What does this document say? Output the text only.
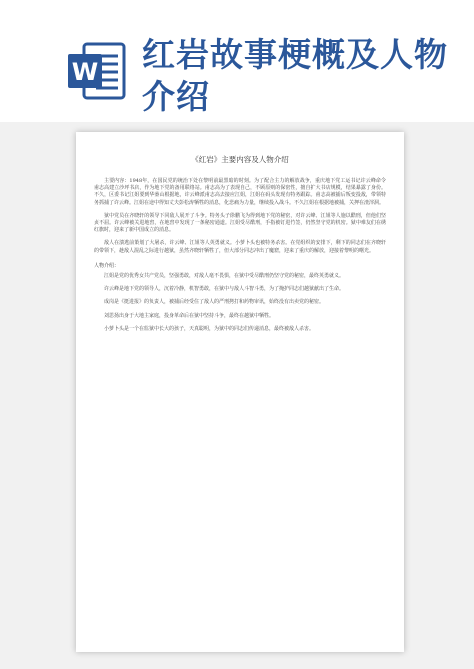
W 红岩故事梗概及人物介绍
《红岩》主要内容及人物介绍

主要内容：1948年，在国民党的统治下处在黎明前最黑暗的时刻。为了配合主力的解放战争，重庆地下党工运书记许云峰命令甫志高建立沙坪书店，作为地下党的备用联络站。甫志高为了表现自己，不顾原则的保密性，擅自扩大书店规模，结果暴露了身份。不久，区委书记江姐要到华蓥山根据地，许云峰派甫志高去接应江姐，江姐在码头发现有特务跟踪。甫志高被捕后叛变投敌，带领特务抓捕了许云峰。江姐在途中得知丈夫彭松涛牺牲的消息，化悲痛为力量，继续投入战斗。不久江姐在根据地被捕，关押在渣滓洞。

狱中党员在齐晓轩的领导下同敌人展开了斗争。特务头子徐鹏飞为得到地下党的秘密，对许云峰、江姐等人施以酷刑，但他们坚贞不屈。许云峰被关进地窖，在地窖中发现了一条秘密通道。江姐受尽酷刑，手指被钉进竹签，仍然坚守党的机密。狱中难友们在绣红旗时，迎来了新中国成立的消息。

敌人在溃逃前策划了大屠杀，许云峰、江姐等人英勇就义。小萝卜头也被特务杀害。在党组织的安排下，剩下的同志们在齐晓轩的带领下，趁敌人混乱之际进行越狱，虽然齐晓轩牺牲了，但大部分同志冲出了魔窟，迎来了重庆的解放，迎接着黎明的曙光。

人物介绍：

江姐是党的优秀女共产党员，坚强勇敢，对敌人毫不畏惧，在狱中受尽酷刑仍坚守党的秘密，最终英勇就义。

许云峰是地下党的领导人，沉着冷静，机智勇敢，在狱中与敌人斗智斗勇，为了掩护同志们越狱献出了生命。

成岗是《挺进报》的负责人，被捕后经受住了敌人的严刑拷打和药物审讯，始终没有出卖党的秘密。

刘思扬出身于大地主家庭，投身革命后在狱中坚持斗争，最终在越狱中牺牲。

小萝卜头是一个在监狱中长大的孩子，天真聪明，为狱中的同志们传递消息，最终被敌人杀害。
